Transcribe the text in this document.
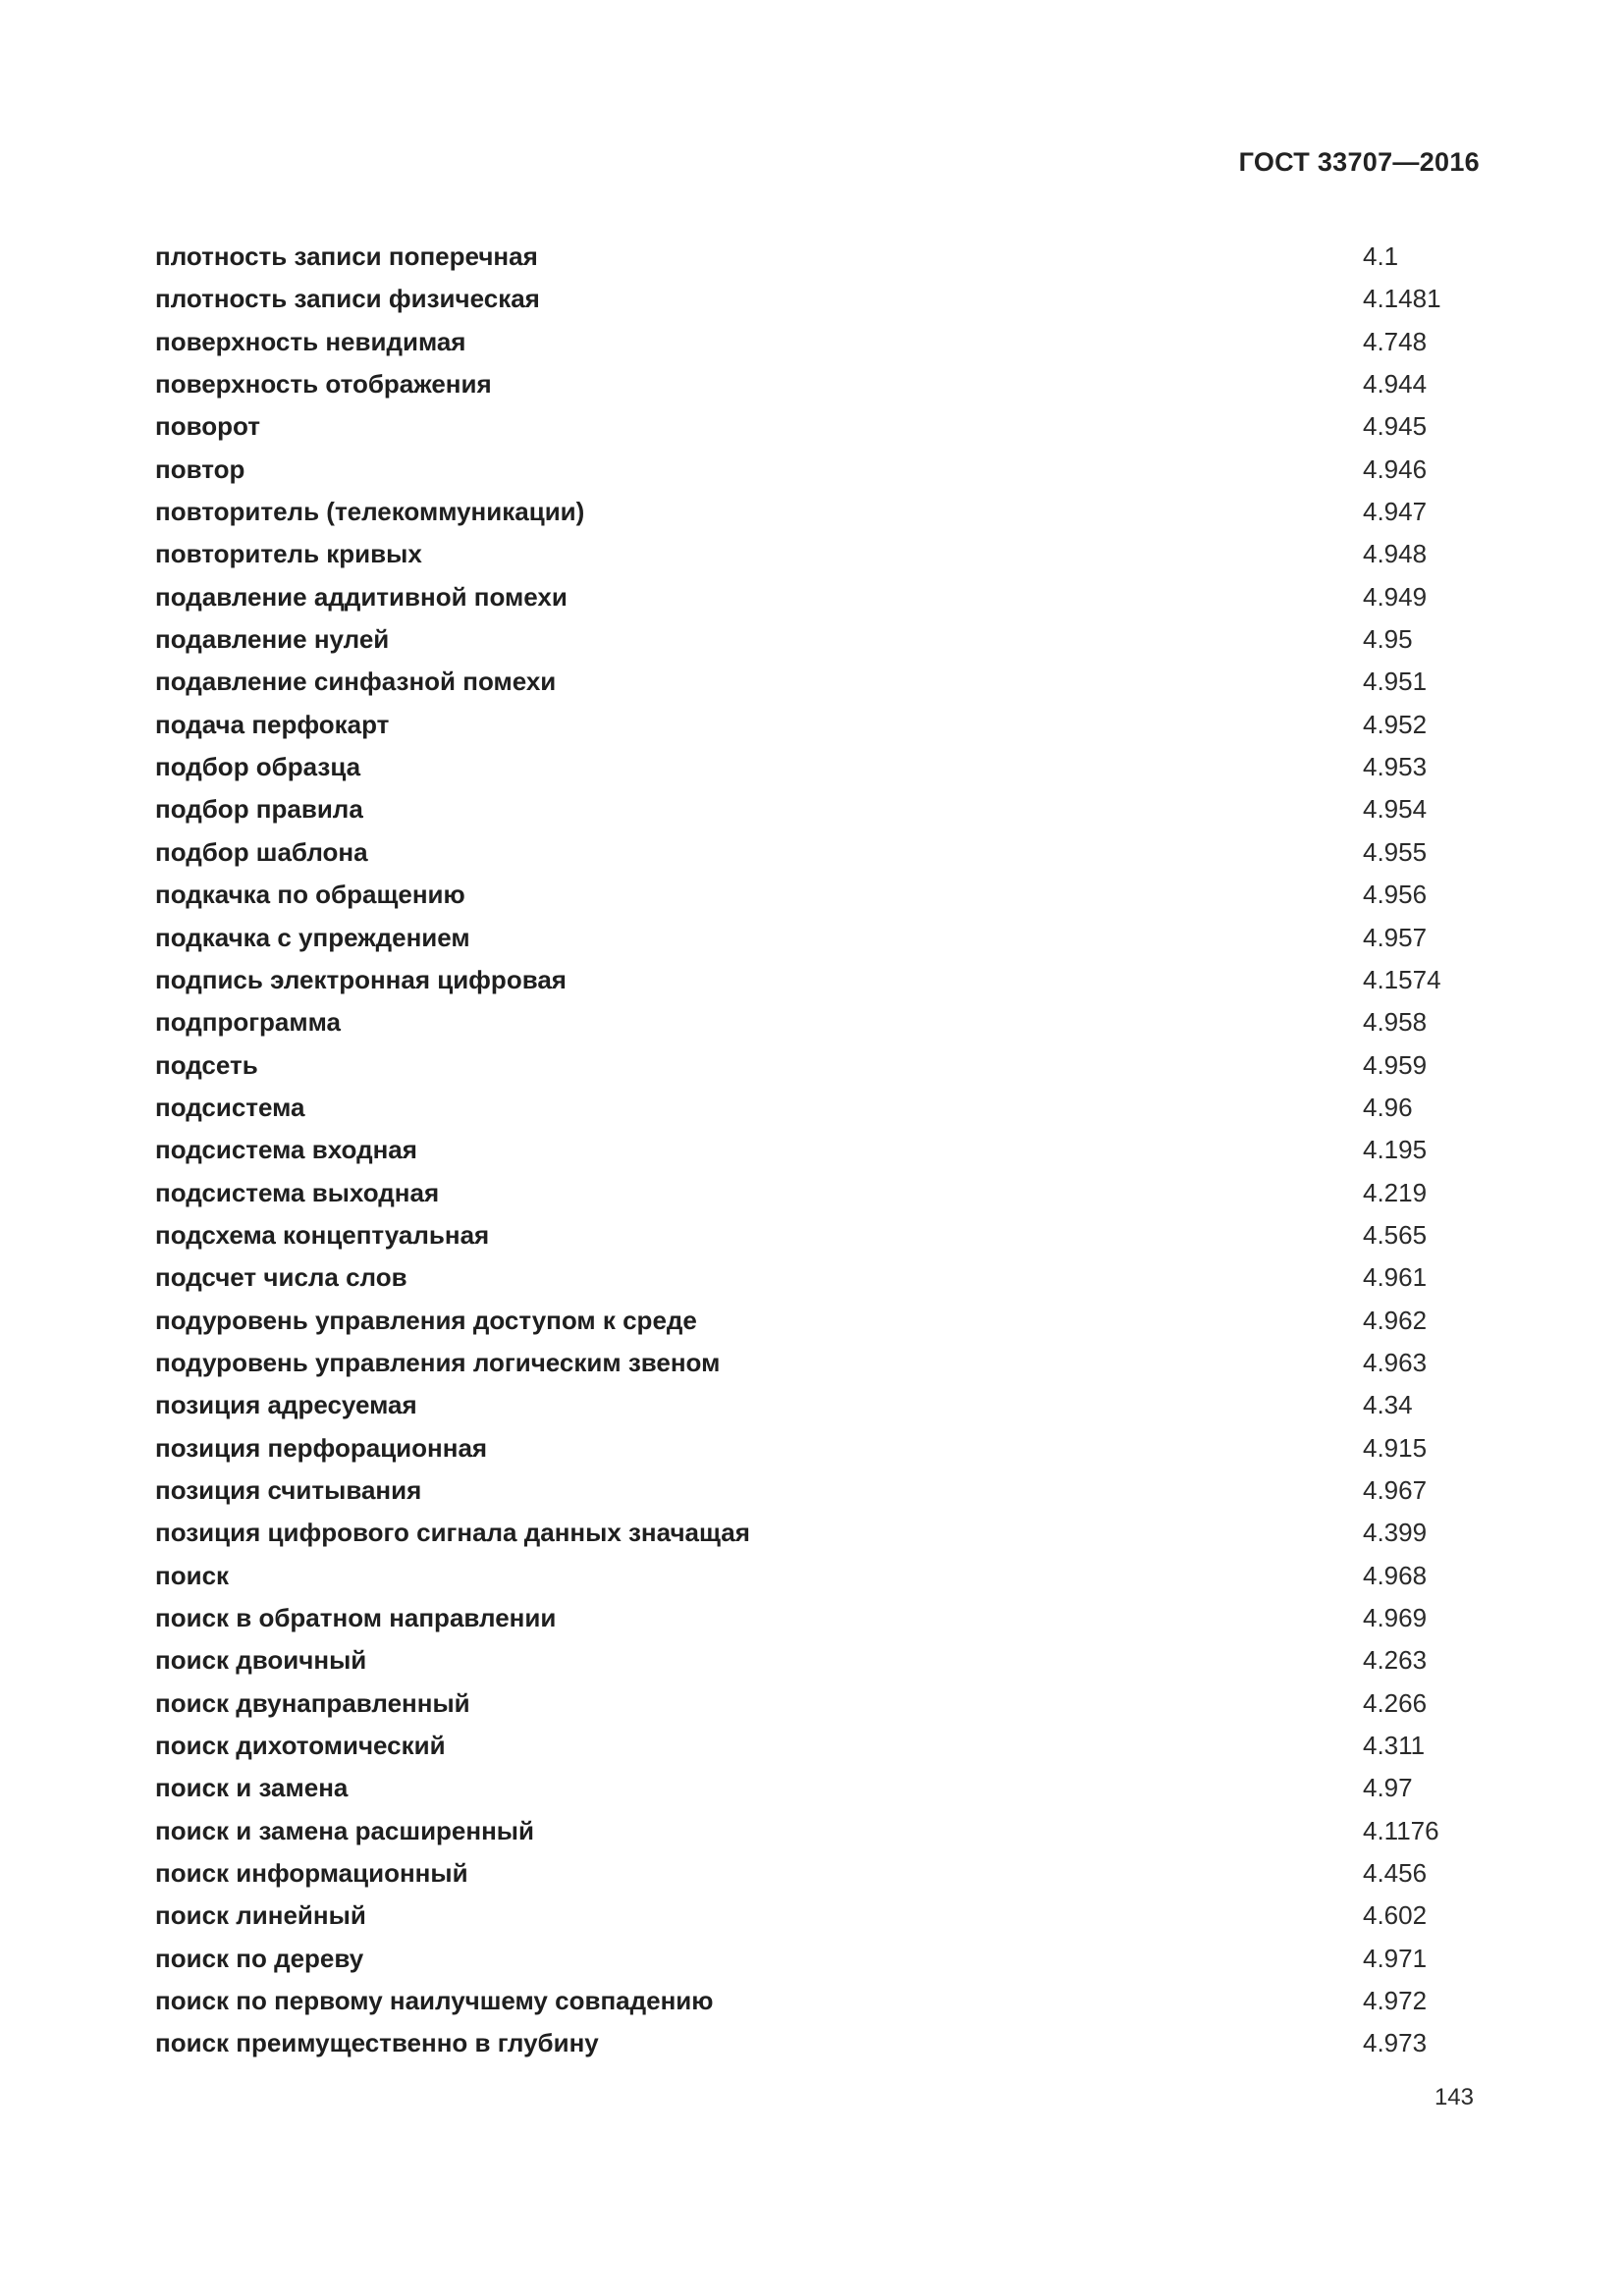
ГОСТ 33707—2016
плотность записи поперечная	4.1
плотность записи физическая	4.1481
поверхность невидимая	4.748
поверхность отображения	4.944
поворот	4.945
повтор	4.946
повторитель (телекоммуникации)	4.947
повторитель кривых	4.948
подавление аддитивной помехи	4.949
подавление нулей	4.95
подавление синфазной помехи	4.951
подача перфокарт	4.952
подбор образца	4.953
подбор правила	4.954
подбор шаблона	4.955
подкачка по обращению	4.956
подкачка с упреждением	4.957
подпись электронная цифровая	4.1574
подпрограмма	4.958
подсеть	4.959
подсистема	4.96
подсистема входная	4.195
подсистема выходная	4.219
подсхема концептуальная	4.565
подсчет числа слов	4.961
подуровень управления доступом к среде	4.962
подуровень управления логическим звеном	4.963
позиция адресуемая	4.34
позиция перфорационная	4.915
позиция считывания	4.967
позиция цифрового сигнала данных значащая	4.399
поиск	4.968
поиск в обратном направлении	4.969
поиск двоичный	4.263
поиск двунаправленный	4.266
поиск дихотомический	4.311
поиск и замена	4.97
поиск и замена расширенный	4.1176
поиск информационный	4.456
поиск линейный	4.602
поиск по дереву	4.971
поиск по первому наилучшему совпадению	4.972
поиск преимущественно в глубину	4.973
143
